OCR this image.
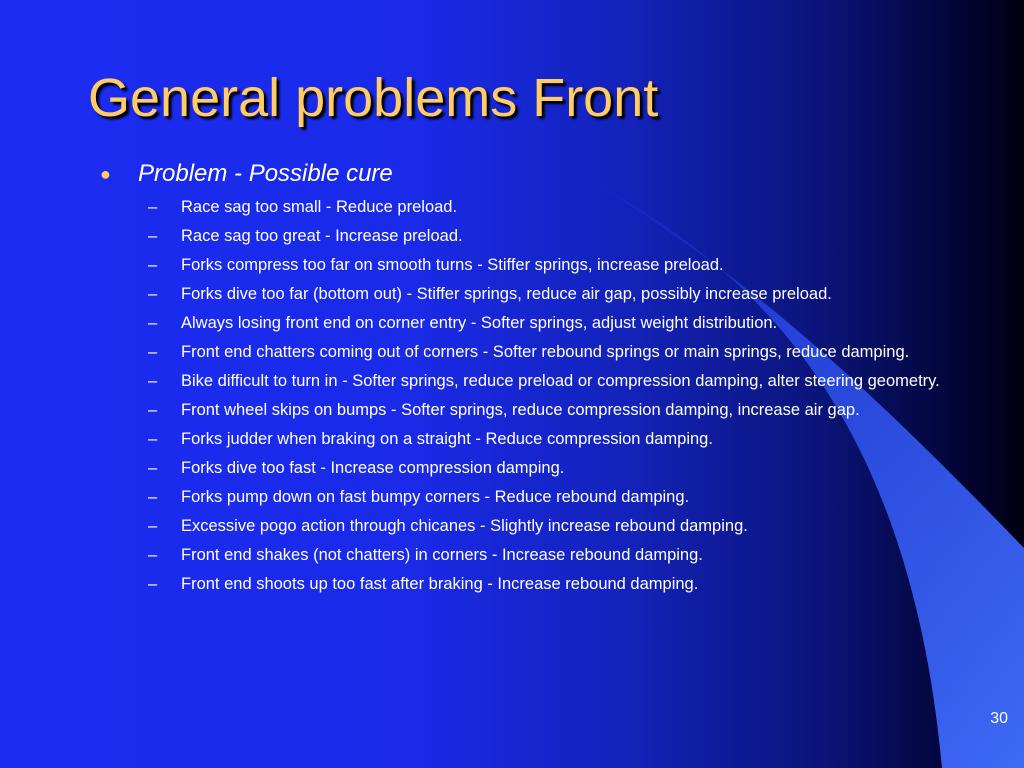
General problems Front
●	Problem - Possible cure
– Race sag too small - Reduce preload.
– Race sag too great - Increase preload.
– Forks compress too far on smooth turns - Stiffer springs, increase preload.
– Forks dive too far (bottom out) - Stiffer springs, reduce air gap, possibly increase preload.
– Always losing front end on corner entry - Softer springs, adjust weight distribution.
– Front end chatters coming out of corners - Softer rebound springs or main springs, reduce damping.
– Bike difficult to turn in - Softer springs, reduce preload or compression damping, alter steering geometry.
– Front wheel skips on bumps - Softer springs, reduce compression damping, increase air gap.
– Forks judder when braking on a straight - Reduce compression damping.
– Forks dive too fast - Increase compression damping.
– Forks pump down on fast bumpy corners - Reduce rebound damping.
– Excessive pogo action through chicanes - Slightly increase rebound damping.
– Front end shakes (not chatters) in corners - Increase rebound damping.
– Front end shoots up too fast after braking - Increase rebound damping.
30
